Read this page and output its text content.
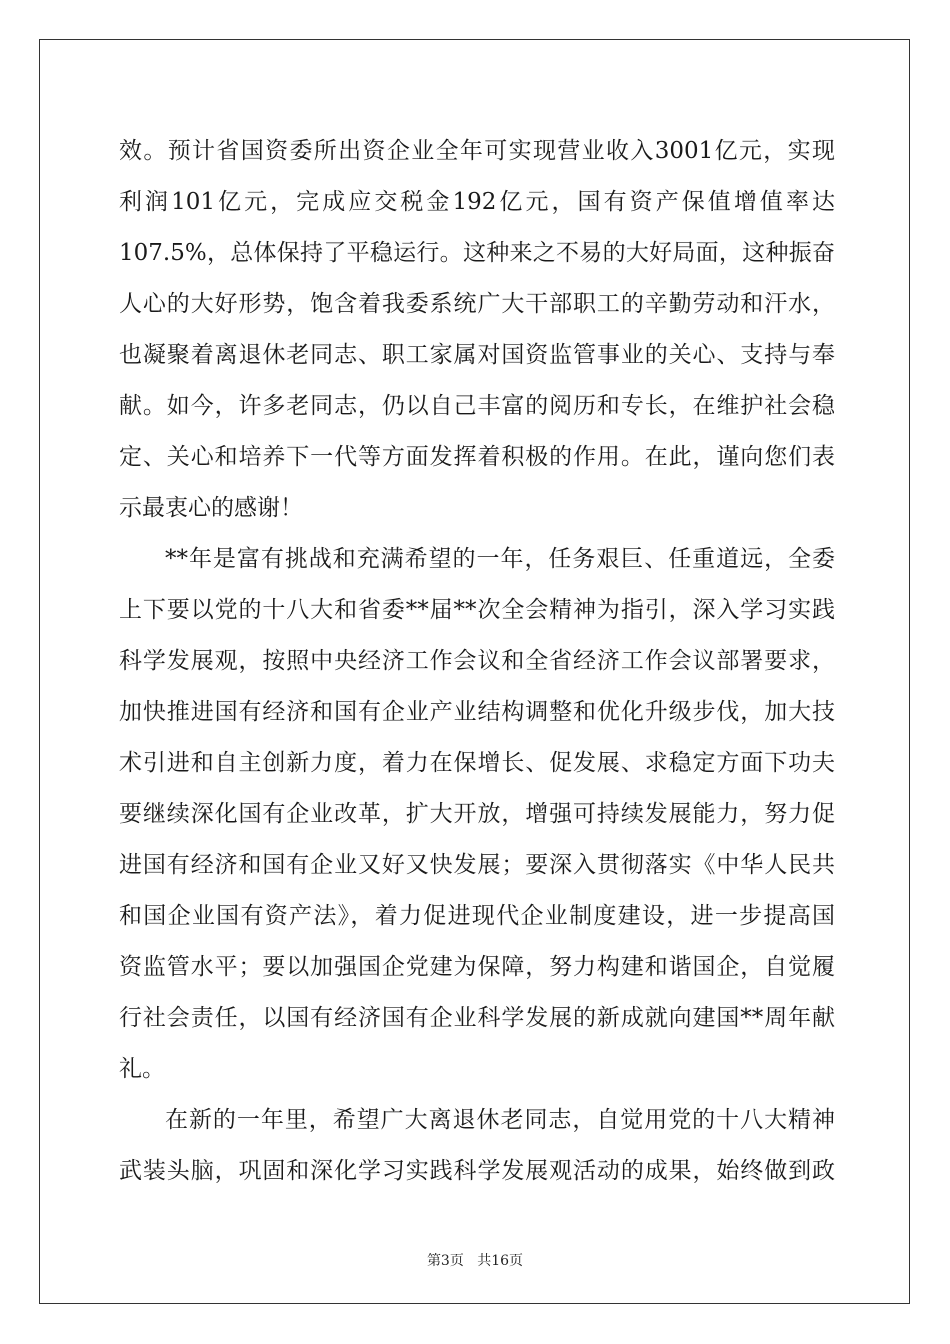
效。预计省国资委所出资企业全年可实现营业收入3001亿元，实现
利润101亿元，完成应交税金192亿元，国有资产保值增值率达
107.5%，总体保持了平稳运行。这种来之不易的大好局面，这种振奋
人心的大好形势，饱含着我委系统广大干部职工的辛勤劳动和汗水，
也凝聚着离退休老同志、职工家属对国资监管事业的关心、支持与奉
献。如今，许多老同志，仍以自己丰富的阅历和专长，在维护社会稳
定、关心和培养下一代等方面发挥着积极的作用。在此，谨向您们表
示最衷心的感谢！
**年是富有挑战和充满希望的一年，任务艰巨、任重道远，全委
上下要以党的十八大和省委**届**次全会精神为指引，深入学习实践
科学发展观，按照中央经济工作会议和全省经济工作会议部署要求，
加快推进国有经济和国有企业产业结构调整和优化升级步伐，加大技
术引进和自主创新力度，着力在保增长、促发展、求稳定方面下功夫
要继续深化国有企业改革，扩大开放，增强可持续发展能力，努力促
进国有经济和国有企业又好又快发展；要深入贯彻落实《中华人民共
和国企业国有资产法》，着力促进现代企业制度建设，进一步提高国
资监管水平；要以加强国企党建为保障，努力构建和谐国企，自觉履
行社会责任，以国有经济国有企业科学发展的新成就向建国**周年献
礼。
在新的一年里，希望广大离退休老同志，自觉用党的十八大精神
武装头脑，巩固和深化学习实践科学发展观活动的成果，始终做到政
第3页 共16页
